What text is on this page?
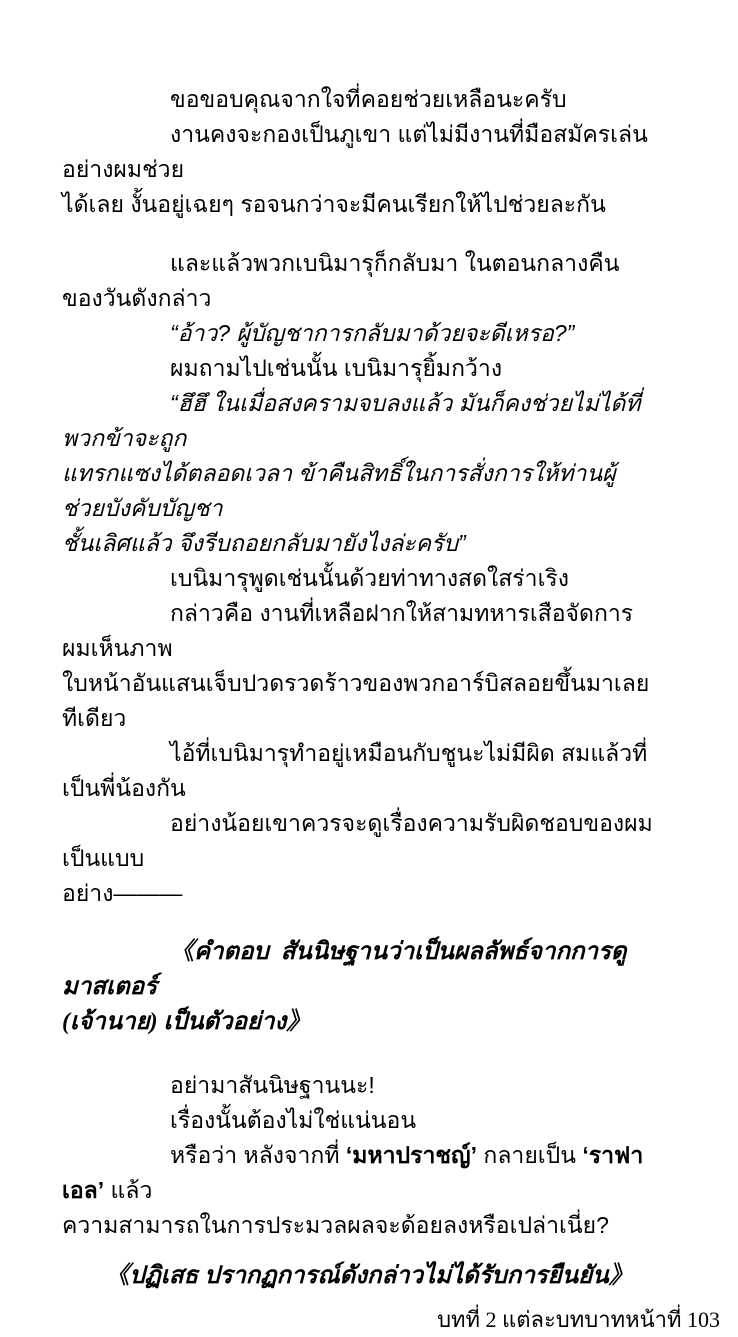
ขอขอบคุณจากใจที่คอยช่วยเหลือนะครับ
งานคงจะกองเป็นภูเขา แต่ไม่มีงานที่มือสมัครเล่นอย่างผมช่วย
ได้เลย งั้นอยู่เฉยๆ รอจนกว่าจะมีคนเรียกให้ไปช่วยละกัน
และแล้วพวกเบนิมารุก็กลับมา ในตอนกลางคืนของวันดังกล่าว
“อ้าว? ผู้บัญชาการกลับมาด้วยจะดีเหรอ?”
ผมถามไปเช่นนั้น เบนิมารุยิ้มกว้าง
“ฮึฮึ ในเมื่อสงครามจบลงแล้ว มันก็คงช่วยไม่ได้ที่พวกข้าจะถูก
แทรกแซงได้ตลอดเวลา ข้าคืนสิทธิ์ในการสั่งการให้ท่านผู้ช่วยบังคับบัญชา
ชั้นเลิศแล้ว จึงรีบถอยกลับมายังไงล่ะครับ”
เบนิมารุพูดเช่นนั้นด้วยท่าทางสดใสร่าเริง
กล่าวคือ งานที่เหลือฝากให้สามทหารเสือจัดการ ผมเห็นภาพ
ใบหน้าอันแสนเจ็บปวดรวดร้าวของพวกอาร์บิสลอยขึ้นมาเลยทีเดียว
ไอ้ที่เบนิมารุทำอยู่เหมือนกับชูนะไม่มีผิด สมแล้วที่เป็นพี่น้องกัน
อย่างน้อยเขาควรจะดูเรื่องความรับผิดชอบของผมเป็นแบบ
อย่าง———
《คำตอบ  สันนิษฐานว่าเป็นผลลัพธ์จากการดูมาสเตอร์
(เจ้านาย) เป็นตัวอย่าง》
อย่ามาสันนิษฐานนะ!
เรื่องนั้นต้องไม่ใช่แน่นอน
หรือว่า หลังจากที่ ‘มหาปราชญ์’ กลายเป็น ‘ราฟาเอล’ แล้ว
ความสามารถในการประมวลผลจะด้อยลงหรือเปล่าเนี่ย?
《ปฏิเสธ ปรากฏการณ์ดังกล่าวไม่ได้รับการยืนยัน》
บทที่ 2 แต่ละบทบาทหน้าที่ 103
